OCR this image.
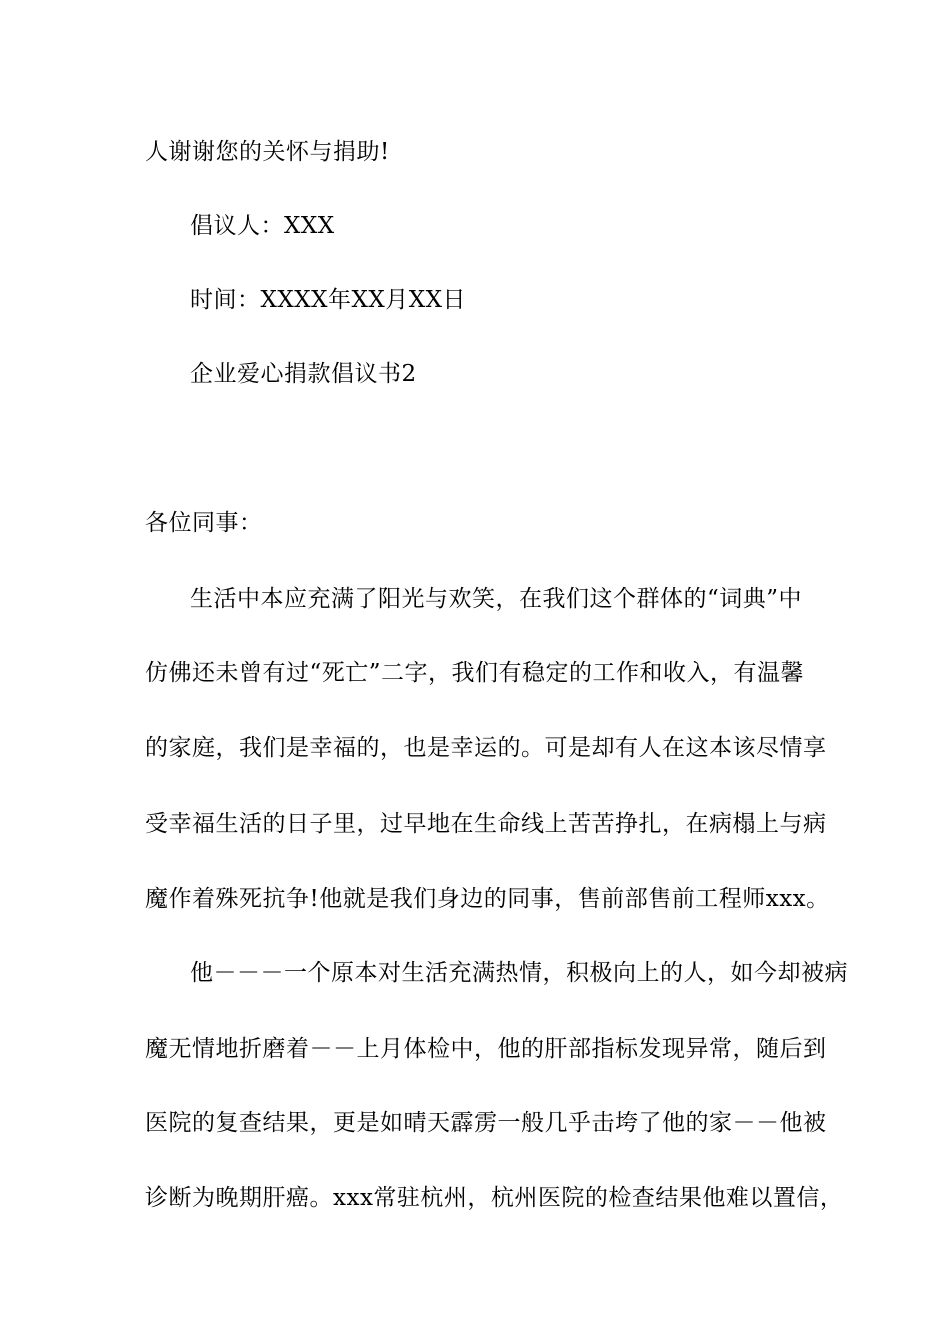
人谢谢您的关怀与捐助!
倡议人：XXX
时间：XXXX年XX月XX日
企业爱心捐款倡议书2
各位同事：
生活中本应充满了阳光与欢笑，在我们这个群体的“词典”中
仿佛还未曾有过“死亡”二字，我们有稳定的工作和收入，有温馨
的家庭，我们是幸福的，也是幸运的。可是却有人在这本该尽情享
受幸福生活的日子里，过早地在生命线上苦苦挣扎，在病榻上与病
魔作着殊死抗争!他就是我们身边的同事，售前部售前工程师xxx。
他－－－一个原本对生活充满热情，积极向上的人，如今却被病
魔无情地折磨着－－上月体检中，他的肝部指标发现异常，随后到
医院的复查结果，更是如晴天霹雳一般几乎击垮了他的家－－他被
诊断为晚期肝癌。xxx常驻杭州，杭州医院的检查结果他难以置信，
